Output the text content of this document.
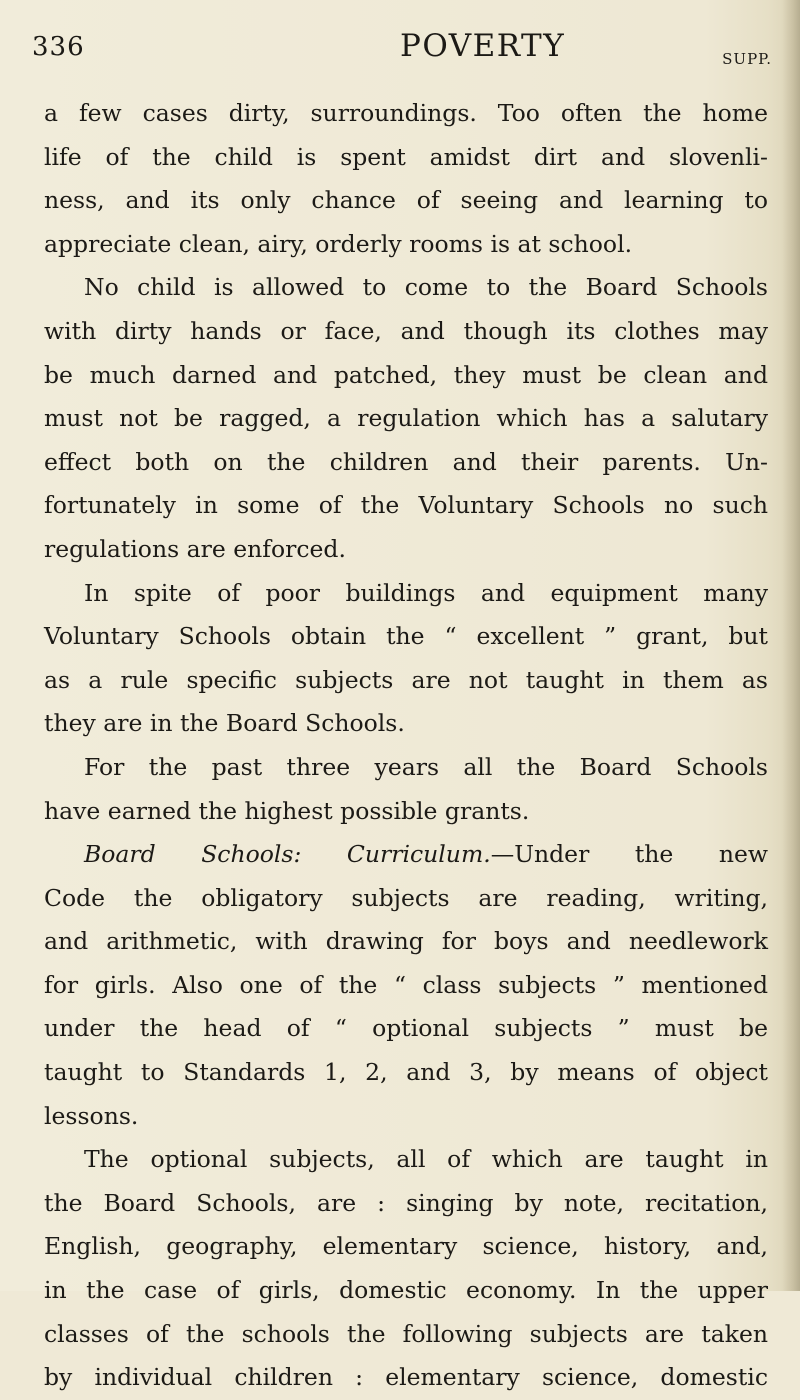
336	POVERTY	SUPP.
a few cases dirty, surroundings. Too often the home
life of the child is spent amidst dirt and slovenli-
ness, and its only chance of seeing and learning to
appreciate clean, airy, orderly rooms is at school.
No child is allowed to come to the Board Schools
with dirty hands or face, and though its clothes may
be much darned and patched, they must be clean and
must not be ragged, a regulation which has a salutary
effect both on the children and their parents. Un-
fortunately in some of the Voluntary Schools no such
regulations are enforced.
In spite of poor buildings and equipment many
Voluntary Schools obtain the “ excellent ” grant, but
as a rule specific subjects are not taught in them as
they are in the Board Schools.
For the past three years all the Board Schools
have earned the highest possible grants.
Board Schools: Curriculum.—Under the new
Code the obligatory subjects are reading, writing,
and arithmetic, with drawing for boys and needlework
for girls. Also one of the “ class subjects ” mentioned
under the head of “ optional subjects ” must be
taught to Standards 1, 2, and 3, by means of object
lessons.
The optional subjects, all of which are taught in
the Board Schools, are : singing by note, recitation,
English, geography, elementary science, history, and,
in the case of girls, domestic economy. In the upper
classes of the schools the following subjects are taken
by individual children : elementary science, domestic
